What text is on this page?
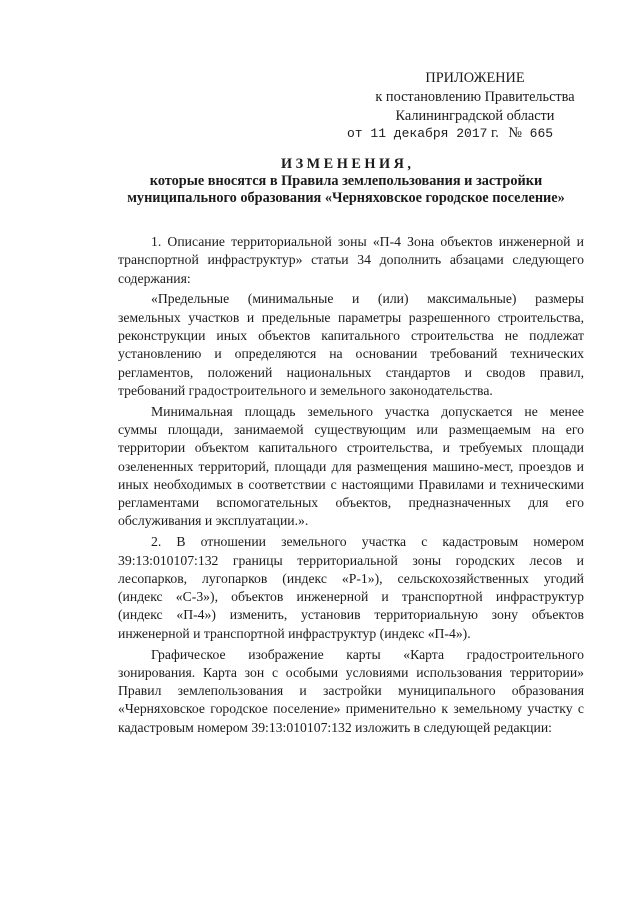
ПРИЛОЖЕНИЕ
к постановлению Правительства
Калининградской области
от 11 декабря 2017 г. № 665
ИЗМЕНЕНИЯ,
которые вносятся в Правила землепользования и застройки
муниципального образования «Черняховское городское поселение»
1. Описание территориальной зоны «П-4 Зона объектов инженерной и
транспортной инфраструктур» статьи 34 дополнить абзацами следующего
содержания:
«Предельные (минимальные и (или) максимальные) размеры
земельных участков и предельные параметры разрешенного строительства,
реконструкции иных объектов капитального строительства не подлежат
установлению и определяются на основании требований технических
регламентов, положений национальных стандартов и сводов правил,
требований градостроительного и земельного законодательства.
Минимальная площадь земельного участка допускается не менее
суммы площади, занимаемой существующим или размещаемым на его
территории объектом капитального строительства, и требуемых площади
озелененных территорий, площади для размещения машино-мест, проездов и
иных необходимых в соответствии с настоящими Правилами и техническими
регламентами вспомогательных объектов, предназначенных для его
обслуживания и эксплуатации.».
2. В отношении земельного участка с кадастровым номером
39:13:010107:132 границы территориальной зоны городских лесов и
лесопарков, лугопарков (индекс «Р-1»), сельскохозяйственных угодий
(индекс «С-3»), объектов инженерной и транспортной инфраструктур
(индекс «П-4») изменить, установив территориальную зону объектов
инженерной и транспортной инфраструктур (индекс «П-4»).
Графическое изображение карты «Карта градостроительного
зонирования. Карта зон с особыми условиями использования территории»
Правил землепользования и застройки муниципального образования
«Черняховское городское поселение» применительно к земельному участку с
кадастровым номером 39:13:010107:132 изложить в следующей редакции:
